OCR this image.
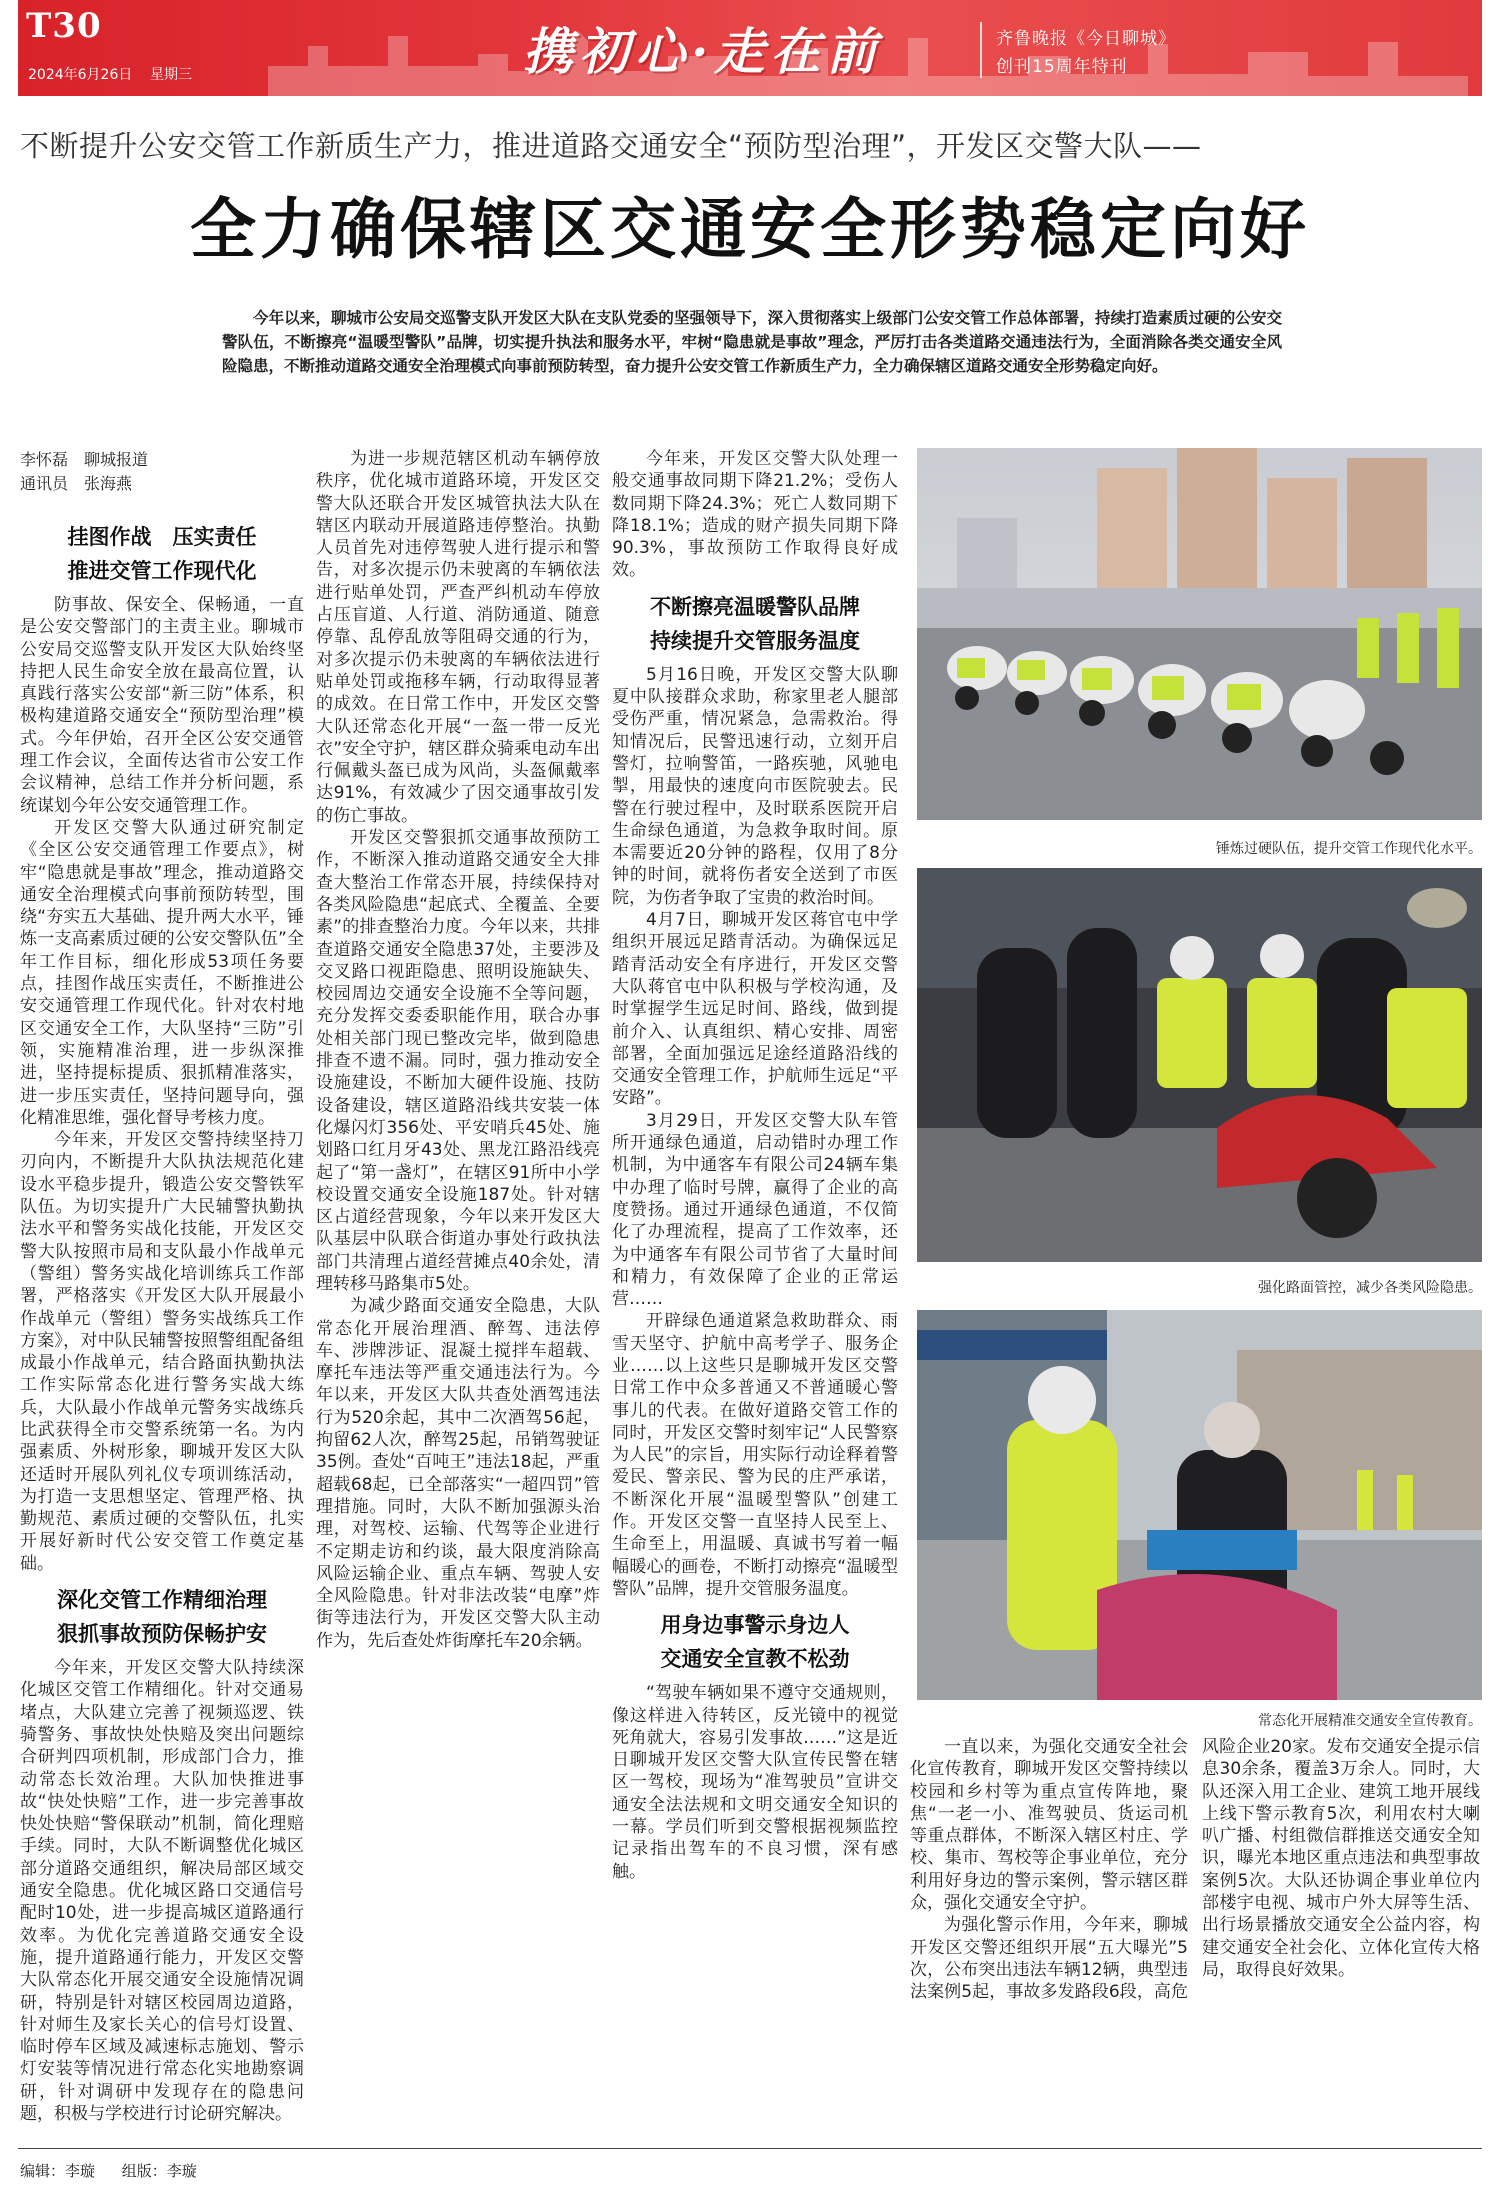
T30
2024年6月26日 星期三	携初心·走在前	齐鲁晚报《今日聊城》
创刊15周年特刊
不断提升公安交管工作新质生产力，推进道路交通安全“预防型治理”，开发区交警大队——
全力确保辖区交通安全形势稳定向好
今年以来，聊城市公安局交巡警支队开发区大队在支队党委的坚强领导下，深入贯彻落实上级部门公安交管工作总体部署，持续打造素质过硬的公安交警队伍，不断擦亮“温暖型警队”品牌，切实提升执法和服务水平，牢树“隐患就是事故”理念，严厉打击各类道路交通违法行为，全面消除各类交通安全风险隐患，不断推动道路交通安全治理模式向事前预防转型，奋力提升公安交管工作新质生产力，全力确保辖区道路交通安全形势稳定向好。
李怀磊　聊城报道
通讯员　张海燕
挂图作战　压实责任
推进交管工作现代化

防事故、保安全、保畅通，一直是公安交警部门的主责主业。聊城市公安局交巡警支队开发区大队始终坚持把人民生命安全放在最高位置，认真践行落实公安部“新三防”体系，积极构建道路交通安全“预防型治理”模式。今年伊始，召开全区公安交通管理工作会议，全面传达省市公安工作会议精神，总结工作并分析问题，系统谋划今年公安交通管理工作。

开发区交警大队通过研究制定《全区公安交通管理工作要点》，树牢“隐患就是事故”理念，推动道路交通安全治理模式向事前预防转型，围绕“夯实五大基础、提升两大水平，锤炼一支高素质过硬的公安交警队伍”全年工作目标，细化形成53项任务要点，挂图作战压实责任，不断推进公安交通管理工作现代化。针对农村地区交通安全工作，大队坚持“三防”引领，实施精准治理，进一步纵深推进，坚持提标提质、狠抓精准落实，进一步压实责任，坚持问题导向，强化精准思维，强化督导考核力度。

今年来，开发区交警持续坚持刀刃向内，不断提升大队执法规范化建设水平稳步提升，锻造公安交警铁军队伍。为切实提升广大民辅警执勤执法水平和警务实战化技能，开发区交警大队按照市局和支队最小作战单元（警组）警务实战化培训练兵工作部署，严格落实《开发区大队开展最小作战单元（警组）警务实战练兵工作方案》，对中队民辅警按照警组配备组成最小作战单元，结合路面执勤执法工作实际常态化进行警务实战大练兵，大队最小作战单元警务实战练兵比武获得全市交警系统第一名。为内强素质、外树形象，聊城开发区大队还适时开展队列礼仪专项训练活动，为打造一支思想坚定、管理严格、执勤规范、素质过硬的交警队伍，扎实开展好新时代公安交管工作奠定基础。

深化交管工作精细治理
狠抓事故预防保畅护安

今年来，开发区交警大队持续深化城区交管工作精细化。针对交通易堵点，大队建立完善了视频巡逻、铁骑警务、事故快处快赔及突出问题综合研判四项机制，形成部门合力，推动常态长效治理。大队加快推进事故“快处快赔”工作，进一步完善事故快处快赔“警保联动”机制，简化理赔手续。同时，大队不断调整优化城区部分道路交通组织，解决局部区域交通安全隐患。优化城区路口交通信号配时10处，进一步提高城区道路通行效率。为优化完善道路交通安全设施，提升道路通行能力，开发区交警大队常态化开展交通安全设施情况调研，特别是针对辖区校园周边道路，针对师生及家长关心的信号灯设置、临时停车区域及减速标志施划、警示灯安装等情况进行常态化实地勘察调研，针对调研中发现存在的隐患问题，积极与学校进行讨论研究解决。

为进一步规范辖区机动车辆停放秩序，优化城市道路环境，开发区交警大队还联合开发区城管执法大队在辖区内联动开展道路违停整治。执勤人员首先对违停驾驶人进行提示和警告，对多次提示仍未驶离的车辆依法进行贴单处罚，严查严纠机动车停放占压盲道、人行道、消防通道、随意停靠、乱停乱放等阻碍交通的行为，对多次提示仍未驶离的车辆依法进行贴单处罚或拖移车辆，行动取得显著的成效。在日常工作中，开发区交警大队还常态化开展“一盔一带一反光衣”安全守护，辖区群众骑乘电动车出行佩戴头盔已成为风尚，头盔佩戴率达91%，有效减少了因交通事故引发的伤亡事故。

开发区交警狠抓交通事故预防工作，不断深入推动道路交通安全大排查大整治工作常态开展，持续保持对各类风险隐患“起底式、全覆盖、全要素”的排查整治力度。今年以来，共排查道路交通安全隐患37处，主要涉及交叉路口视距隐患、照明设施缺失、校园周边交通安全设施不全等问题，充分发挥交委委职能作用，联合办事处相关部门现已整改完毕，做到隐患排查不遗不漏。同时，强力推动安全设施建设，不断加大硬件设施、技防设备建设，辖区道路沿线共安装一体化爆闪灯356处、平安哨兵45处、施划路口红月牙43处、黑龙江路沿线亮起了“第一盏灯”，在辖区91所中小学校设置交通安全设施187处。针对辖区占道经营现象，今年以来开发区大队基层中队联合街道办事处行政执法部门共清理占道经营摊点40余处，清理转移马路集市5处。

为减少路面交通安全隐患，大队常态化开展治理酒、醉驾、违法停车、涉牌涉证、混凝土搅拌车超载、摩托车违法等严重交通违法行为。今年以来，开发区大队共查处酒驾违法行为520余起，其中二次酒驾56起，拘留62人次，醉驾25起，吊销驾驶证35例。查处“百吨王”违法18起，严重超载68起，已全部落实“一超四罚”管理措施。同时，大队不断加强源头治理，对驾校、运输、代驾等企业进行不定期走访和约谈，最大限度消除高风险运输企业、重点车辆、驾驶人安全风险隐患。针对非法改装“电摩”炸街等违法行为，开发区交警大队主动作为，先后查处炸街摩托车20余辆。

今年来，开发区交警大队处理一般交通事故同期下降21.2%；受伤人数同期下降24.3%；死亡人数同期下降18.1%；造成的财产损失同期下降90.3%，事故预防工作取得良好成效。

不断擦亮温暖警队品牌
持续提升交管服务温度

5月16日晚，开发区交警大队聊夏中队接群众求助，称家里老人腿部受伤严重，情况紧急，急需救治。得知情况后，民警迅速行动，立刻开启警灯，拉响警笛，一路疾驰，风驰电掣，用最快的速度向市医院驶去。民警在行驶过程中，及时联系医院开启生命绿色通道，为急救争取时间。原本需要近20分钟的路程，仅用了8分钟的时间，就将伤者安全送到了市医院，为伤者争取了宝贵的救治时间。

4月7日，聊城开发区蒋官屯中学组织开展远足踏青活动。为确保远足踏青活动安全有序进行，开发区交警大队蒋官屯中队积极与学校沟通，及时掌握学生远足时间、路线，做到提前介入、认真组织、精心安排、周密部署，全面加强远足途经道路沿线的交通安全管理工作，护航师生远足“平安路”。

3月29日，开发区交警大队车管所开通绿色通道，启动错时办理工作机制，为中通客车有限公司24辆车集中办理了临时号牌，赢得了企业的高度赞扬。通过开通绿色通道，不仅简化了办理流程，提高了工作效率，还为中通客车有限公司节省了大量时间和精力，有效保障了企业的正常运营……

开辟绿色通道紧急救助群众、雨雪天坚守、护航中高考学子、服务企业……以上这些只是聊城开发区交警日常工作中众多普通又不普通暖心警事儿的代表。在做好道路交管工作的同时，开发区交警时刻牢记“人民警察为人民”的宗旨，用实际行动诠释着警爱民、警亲民、警为民的庄严承诺，不断深化开展“温暖型警队”创建工作。开发区交警一直坚持人民至上、生命至上，用温暖、真诚书写着一幅幅暖心的画卷，不断打动擦亮“温暖型警队”品牌，提升交管服务温度。

用身边事警示身边人
交通安全宣教不松劲

“驾驶车辆如果不遵守交通规则，像这样进入待转区，反光镜中的视觉死角就大，容易引发事故……”这是近日聊城开发区交警大队宣传民警在辖区一驾校，现场为“准驾驶员”宣讲交通安全法法规和文明交通安全知识的一幕。学员们听到交警根据视频监控记录指出驾车的不良习惯，深有感触。

锤炼过硬队伍，提升交管工作现代化水平。
强化路面管控，减少各类风险隐患。
常态化开展精准交通安全宣传教育。

一直以来，为强化交通安全社会化宣传教育，聊城开发区交警持续以校园和乡村等为重点宣传阵地，聚焦“一老一小、准驾驶员、货运司机等重点群体，不断深入辖区村庄、学校、集市、驾校等企事业单位，充分利用好身边的警示案例，警示辖区群众，强化交通安全守护。

为强化警示作用，今年来，聊城开发区交警还组织开展“五大曝光”5次，公布突出违法车辆12辆，典型违法案例5起，事故多发路段6段，高危风险企业20家。发布交通安全提示信息30余条，覆盖3万余人。同时，大队还深入用工企业、建筑工地开展线上线下警示教育5次，利用农村大喇叭广播、村组微信群推送交通安全知识，曝光本地区重点违法和典型事故案例5次。大队还协调企事业单位内部楼宇电视、城市户外大屏等生活、出行场景播放交通安全公益内容，构建交通安全社会化、立体化宣传大格局，取得良好效果。

编辑：李璇 组版：李璇
